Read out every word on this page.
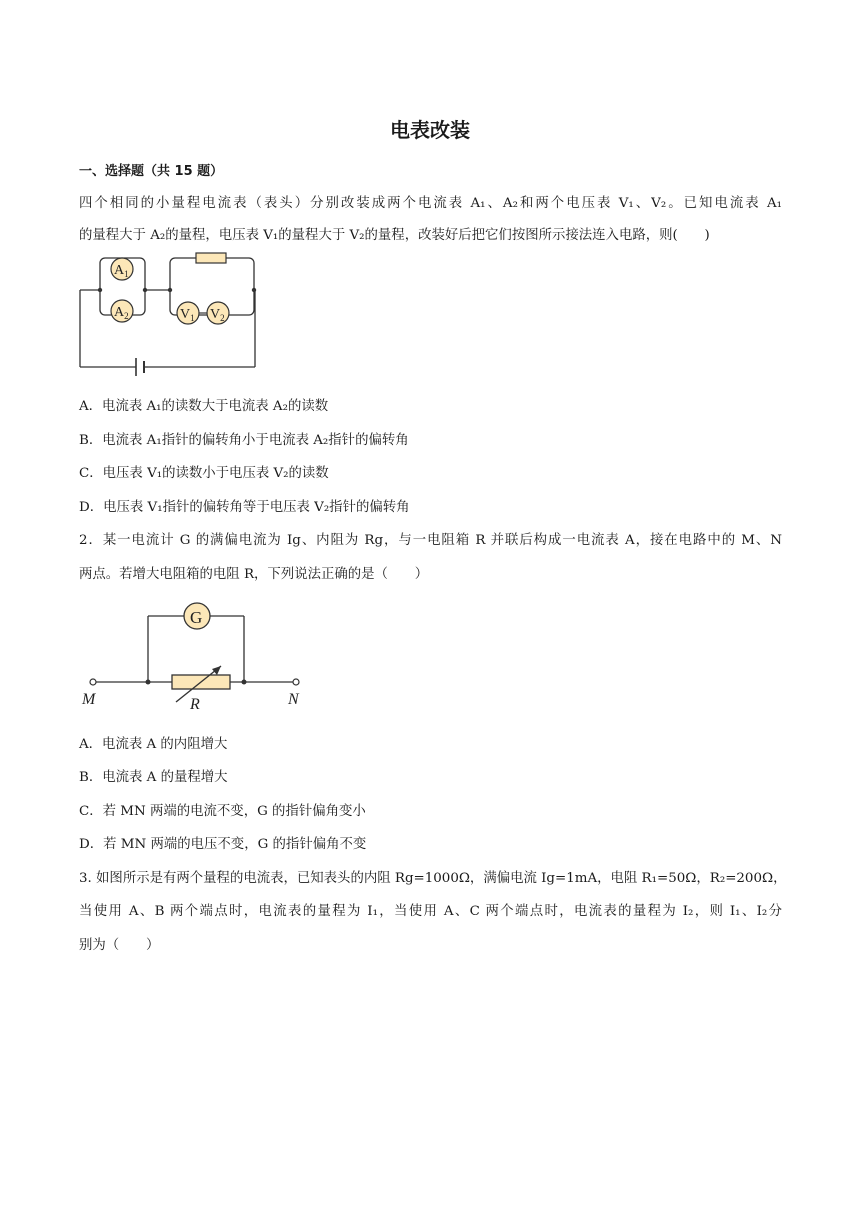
电表改装
一、选择题（共 15 题）
四个相同的小量程电流表（表头）分别改装成两个电流表 A₁、A₂和两个电压表 V₁、V₂。已知电流表 A₁
的量程大于 A₂的量程，电压表 V₁的量程大于 V₂的量程，改装好后把它们按图所示接法连入电路，则(　　)
$A_1$
$A_2$	$V_1$ $V_2$
A．电流表 A₁的读数大于电流表 A₂的读数
B．电流表 A₁指针的偏转角小于电流表 A₂指针的偏转角
C．电压表 V₁的读数小于电压表 V₂的读数
D．电压表 V₁指针的偏转角等于电压表 V₂指针的偏转角
2．某一电流计 G 的满偏电流为 Ig、内阻为 Rg，与一电阻箱 R 并联后构成一电流表 A，接在电路中的 M、N
两点。若增大电阻箱的电阻 R，下列说法正确的是（　　）
G
R
M	N
A．电流表 A 的内阻增大
B．电流表 A 的量程增大
C．若 MN 两端的电流不变，G 的指针偏角变小
D．若 MN 两端的电压不变，G 的指针偏角不变
3. 如图所示是有两个量程的电流表，已知表头的内阻 Rg=1000Ω，满偏电流 Ig=1mA，电阻 R₁=50Ω，R₂=200Ω，
当使用 A、B 两个端点时，电流表的量程为 I₁，当使用 A、C 两个端点时，电流表的量程为 I₂，则 I₁、I₂分
别为（　　）
